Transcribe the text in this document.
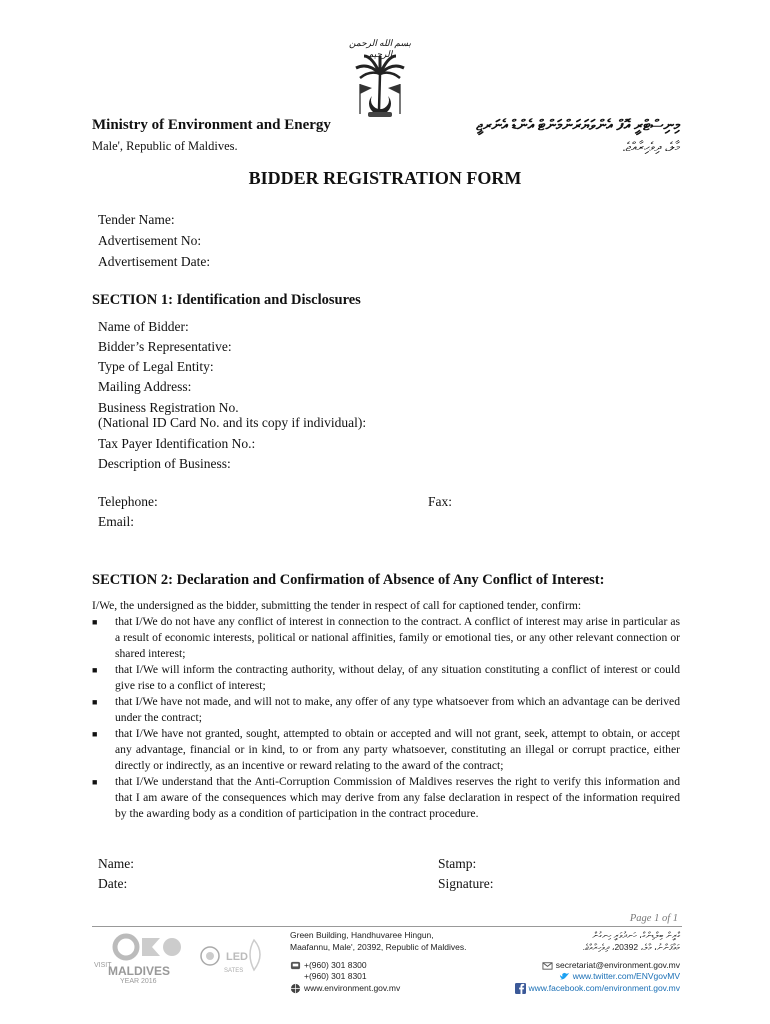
بسم الله الرحمن الرحيم
Ministry of Environment and Energy
Male', Republic of Maldives.
މިނިސްޓްރީ އޮފް އެންވަޔަރަންމަންޓް އެންޑް އެނަރޖީ
މާލެ، ދިވެހިރާއްޖެ.
BIDDER REGISTRATION FORM
Tender Name:
Advertisement No:
Advertisement Date:
SECTION 1: Identification and Disclosures
Name of Bidder:
Bidder’s Representative:
Type of Legal Entity:
Mailing Address:
Business Registration No.
(National ID Card No. and its copy if individual):
Tax Payer Identification No.:
Description of Business:
Telephone:	Fax:
Email:
SECTION 2: Declaration and Confirmation of Absence of Any Conflict of Interest:

I/We, the undersigned as the bidder, submitting the tender in respect of call for captioned tender, confirm:

■ that I/We do not have any conflict of interest in connection to the contract. A conflict of interest may arise in particular as a result of economic interests, political or national affinities, family or emotional ties, or any other relevant connection or shared interest;
■ that I/We will inform the contracting authority, without delay, of any situation constituting a conflict of interest or could give rise to a conflict of interest;
■ that I/We have not made, and will not to make, any offer of any type whatsoever from which an advantage can be derived under the contract;
■ that I/We have not granted, sought, attempted to obtain or accepted and will not grant, seek, attempt to obtain, or accept any advantage, financial or in kind, to or from any party whatsoever, constituting an illegal or corrupt practice, either directly or indirectly, as an incentive or reward relating to the award of the contract;
■ that I/We understand that the Anti-Corruption Commission of Maldives reserves the right to verify this information and that I am aware of the consequences which may derive from any false declaration in respect of the information required by the awarding body as a condition of participation in the contract procedure.
Name:
Date:
Stamp:
Signature:
Page 1 of 1
VISIT
MALDIVES
YEAR 2016
LED
SATES
Green Building, Handhuvaree Hingun,
Maafannu, Male', 20392, Republic of Maldives.
ގްރީން ބިލްޑިންގް، ހަނދުވަރީ ހިނގުން
މަޢާފަންނު، މާލެ، 20392، ދިވެހިރާއްޖެ.
+(960) 301 8300
+(960) 301 8301
www.environment.gov.mv
secretariat@environment.gov.mv
www.twitter.com/ENVgovMV
www.facebook.com/environment.gov.mv
